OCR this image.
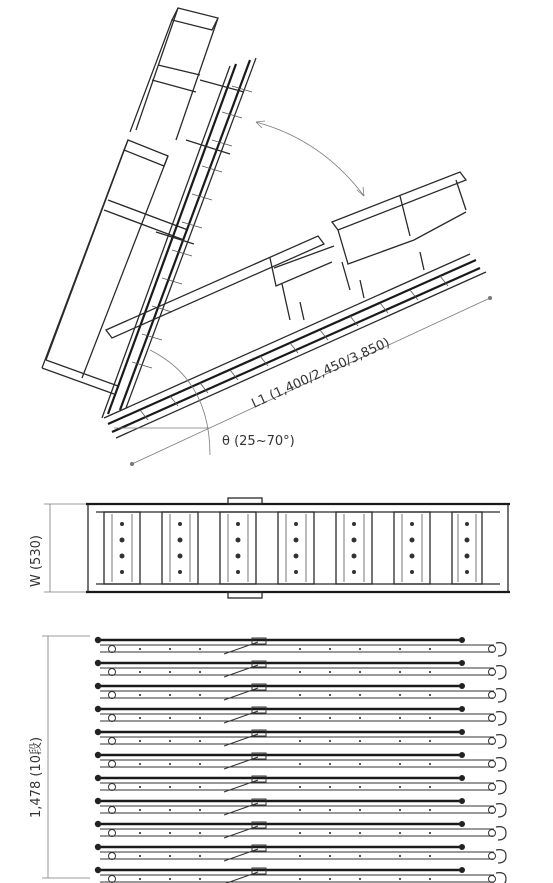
L1 (1,400/2,450/3,850)
θ (25~70°)
W (530)
1,478 (10段)
